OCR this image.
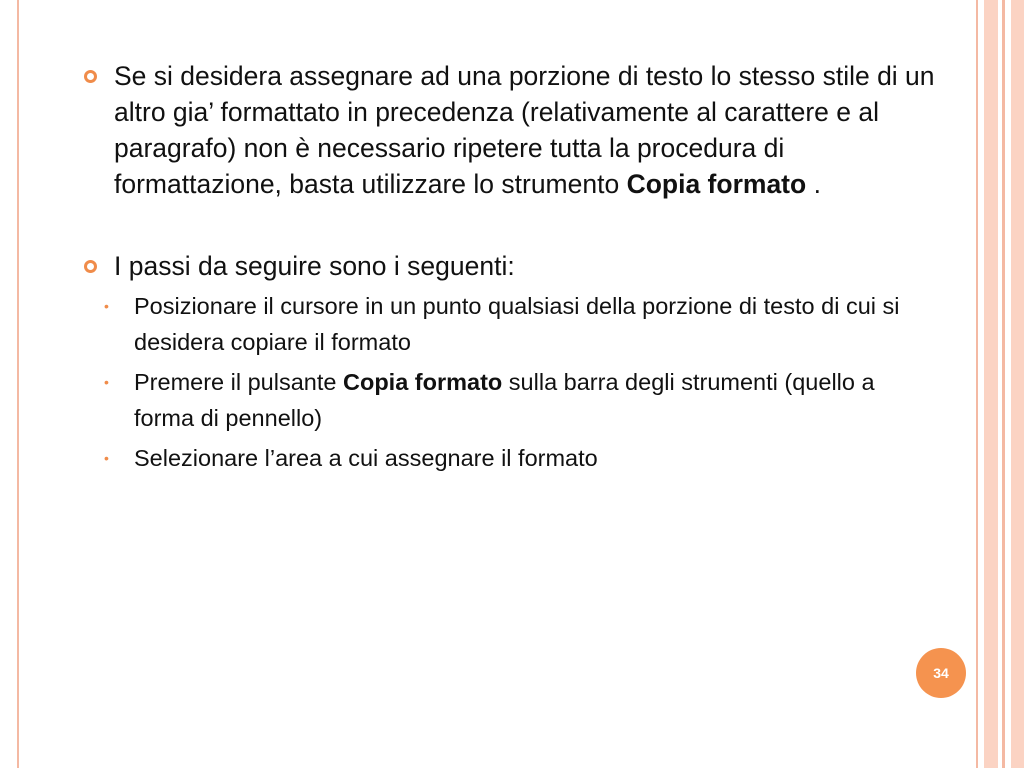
Se si desidera assegnare ad una porzione di testo lo stesso stile di un altro gia’ formattato in precedenza (relativamente al carattere e al paragrafo) non è necessario ripetere tutta la procedura di formattazione, basta utilizzare lo strumento Copia formato .
I passi da seguire sono i seguenti:
• Posizionare il cursore in un punto qualsiasi della porzione di testo di cui si desidera copiare il formato
• Premere il pulsante Copia formato sulla barra degli strumenti (quello a forma di pennello)
• Selezionare l’area a cui assegnare il formato
34
